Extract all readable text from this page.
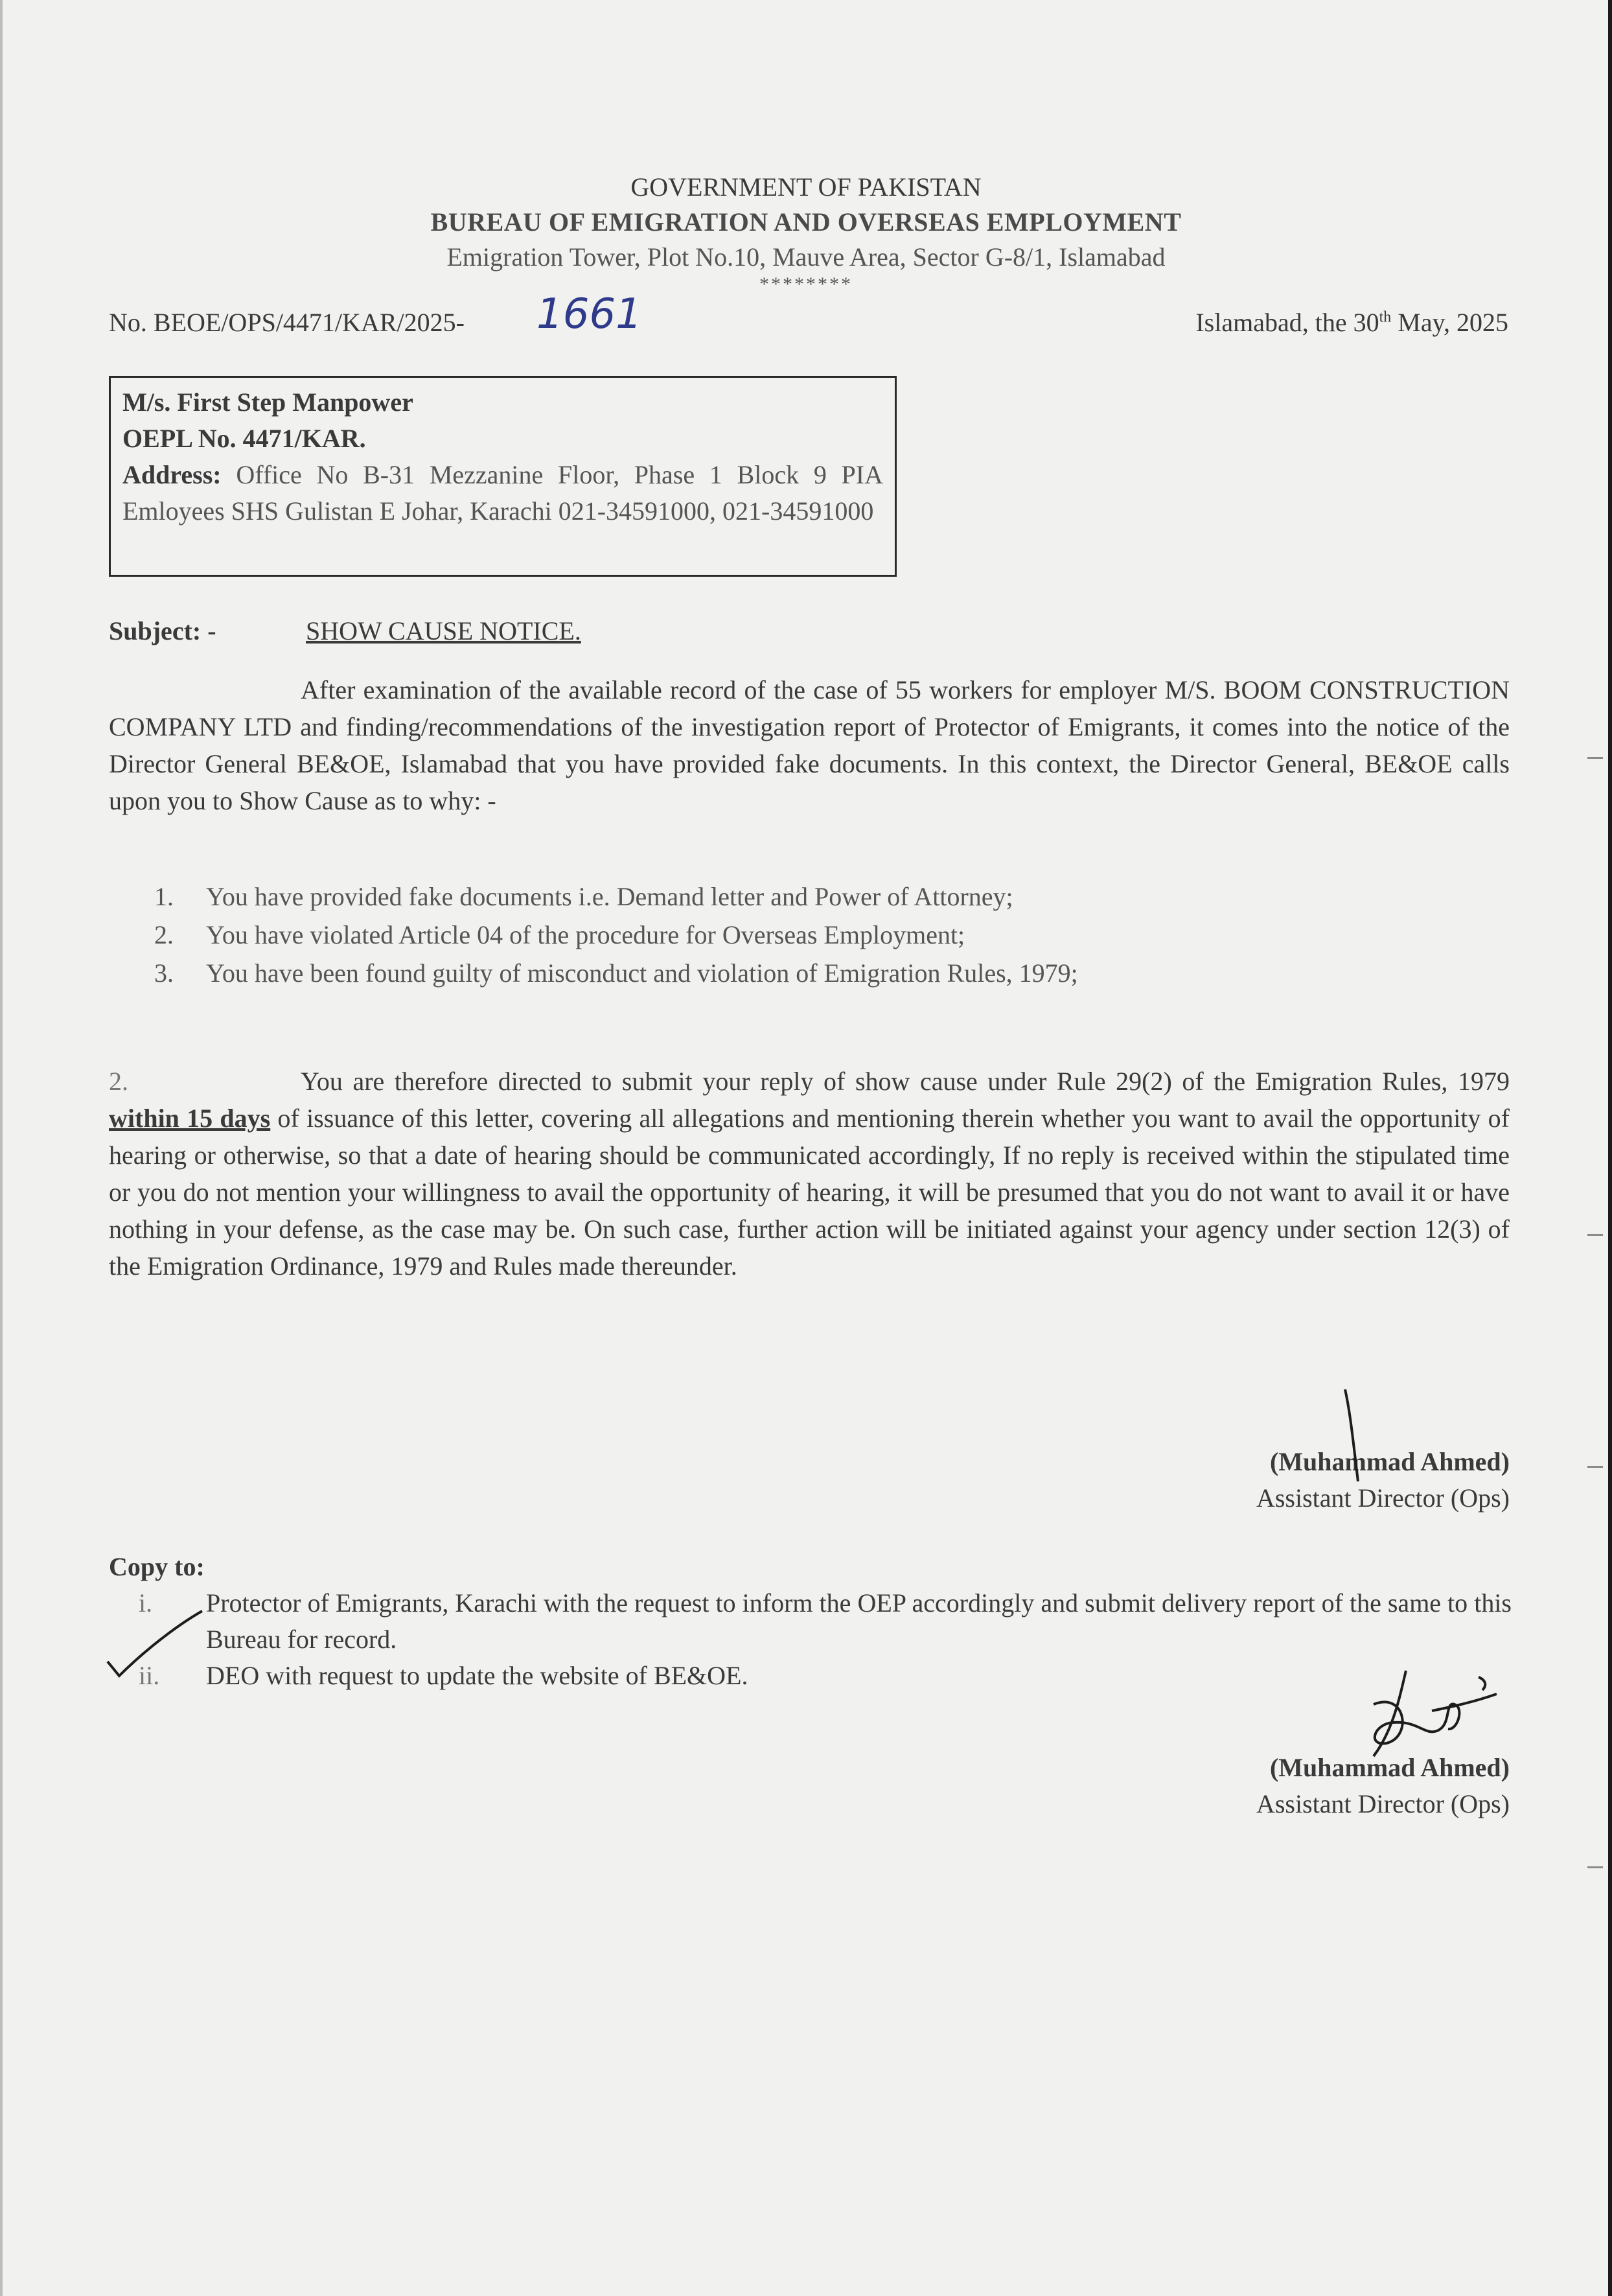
GOVERNMENT OF PAKISTAN
BUREAU OF EMIGRATION AND OVERSEAS EMPLOYMENT
Emigration Tower, Plot No.10, Mauve Area, Sector G-8/1, Islamabad
********
No. BEOE/OPS/4471/KAR/2025- 1661	Islamabad, the 30th May, 2025
M/s. First Step Manpower
OEPL No. 4471/KAR.
Address: Office No B-31 Mezzanine Floor, Phase 1 Block 9 PIA Emloyees SHS Gulistan E Johar, Karachi 021-34591000, 021-34591000
Subject: -	SHOW CAUSE NOTICE.
After examination of the available record of the case of 55 workers for employer M/S. BOOM CONSTRUCTION COMPANY LTD and finding/recommendations of the investigation report of Protector of Emigrants, it comes into the notice of the Director General BE&OE, Islamabad that you have provided fake documents. In this context, the Director General, BE&OE calls upon you to Show Cause as to why: -
1. You have provided fake documents i.e. Demand letter and Power of Attorney;
2. You have violated Article 04 of the procedure for Overseas Employment;
3. You have been found guilty of misconduct and violation of Emigration Rules, 1979;
2.	You are therefore directed to submit your reply of show cause under Rule 29(2) of the Emigration Rules, 1979 within 15 days of issuance of this letter, covering all allegations and mentioning therein whether you want to avail the opportunity of hearing or otherwise, so that a date of hearing should be communicated accordingly, If no reply is received within the stipulated time or you do not mention your willingness to avail the opportunity of hearing, it will be presumed that you do not want to avail it or have nothing in your defense, as the case may be. On such case, further action will be initiated against your agency under section 12(3) of the Emigration Ordinance, 1979 and Rules made thereunder.
(Muhammad Ahmed)
Assistant Director (Ops)
Copy to:
i. Protector of Emigrants, Karachi with the request to inform the OEP accordingly and submit delivery report of the same to this Bureau for record.
ii. DEO with request to update the website of BE&OE.
(Muhammad Ahmed)
Assistant Director (Ops)
